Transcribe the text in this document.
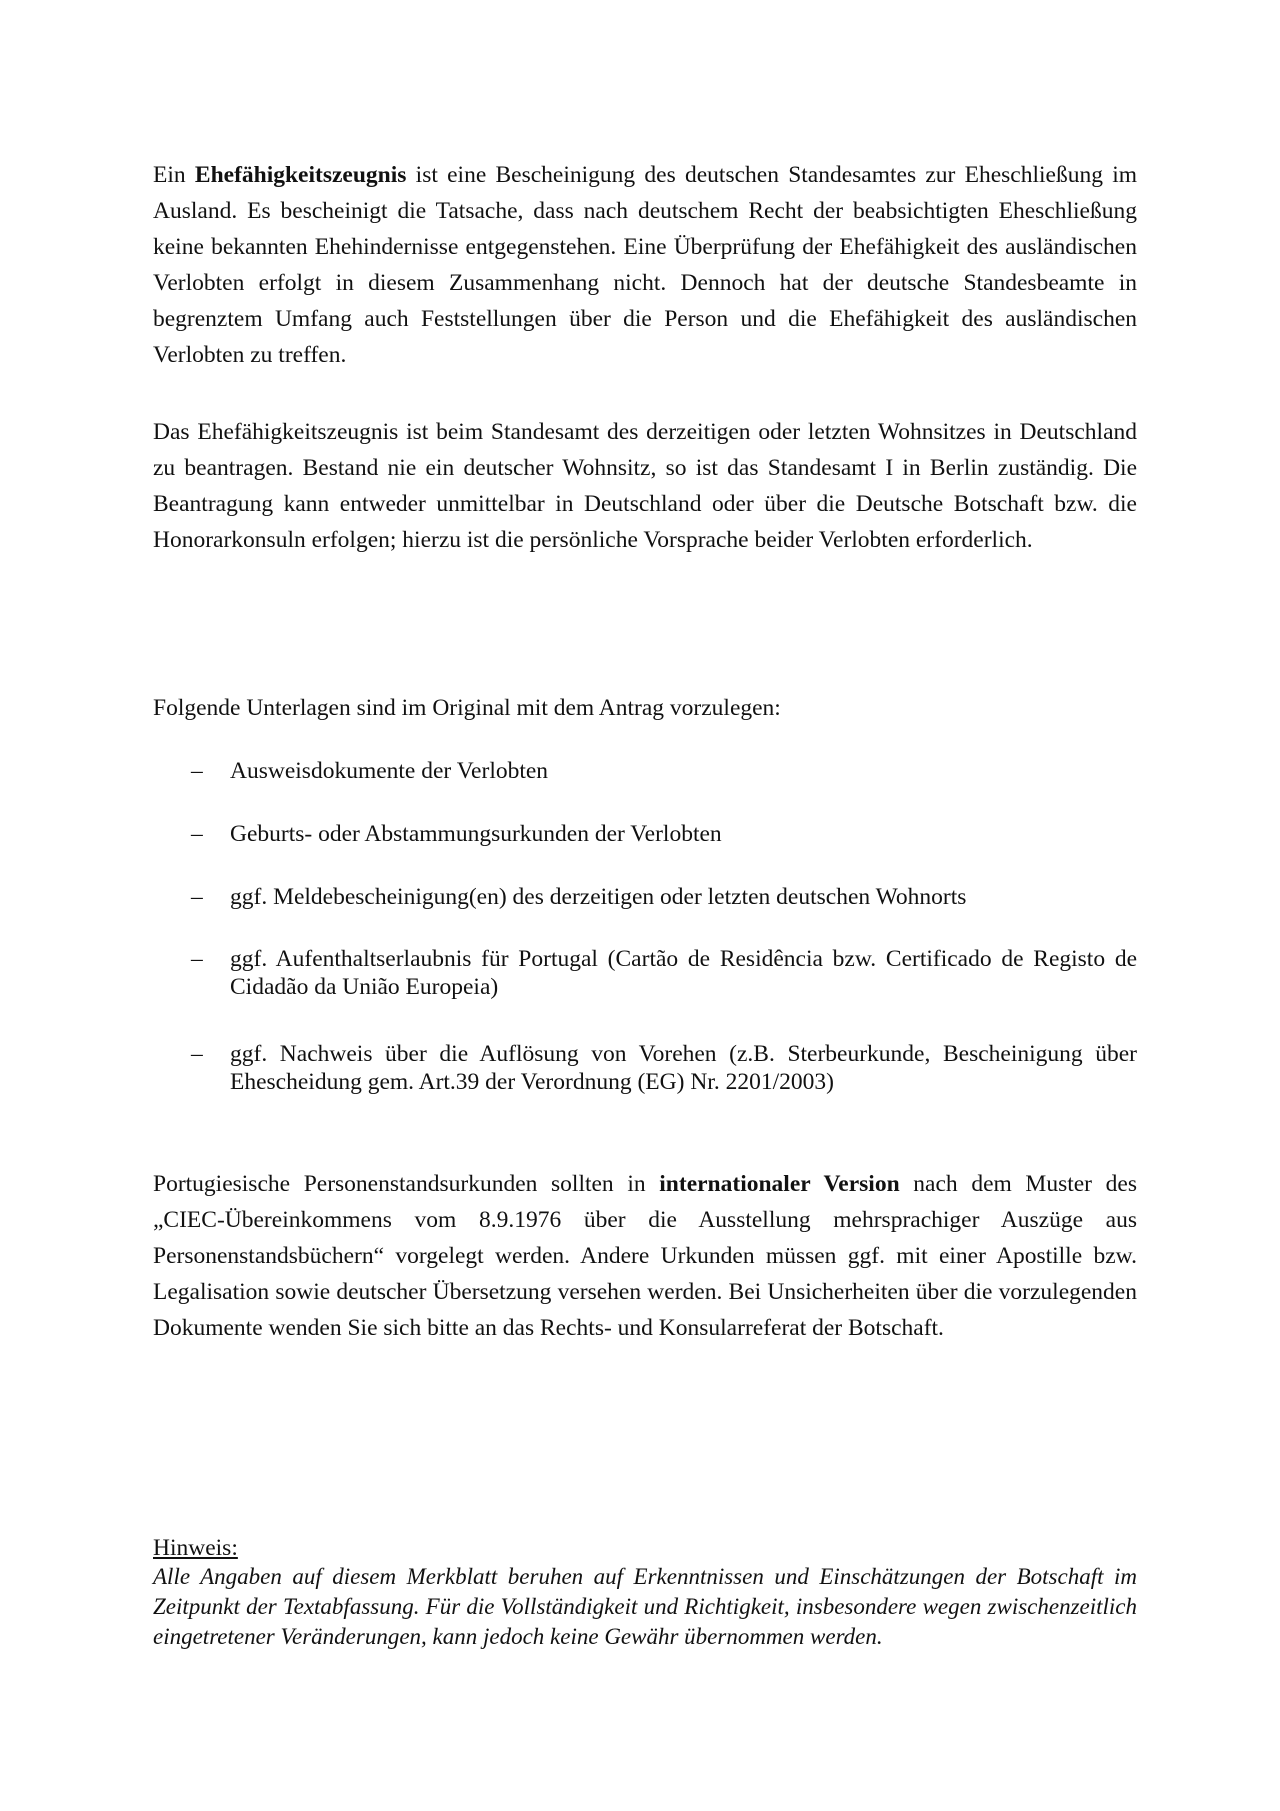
Ein Ehefähigkeitszeugnis ist eine Bescheinigung des deutschen Standesamtes zur Eheschließung im Ausland. Es bescheinigt die Tatsache, dass nach deutschem Recht der beabsichtigten Eheschließung keine bekannten Ehehindernisse entgegenstehen. Eine Überprüfung der Ehefähigkeit des ausländischen Verlobten erfolgt in diesem Zusammenhang nicht. Dennoch hat der deutsche Standesbeamte in begrenztem Umfang auch Feststellungen über die Person und die Ehefähigkeit des ausländischen Verlobten zu treffen.

Das Ehefähigkeitszeugnis ist beim Standesamt des derzeitigen oder letzten Wohnsitzes in Deutschland zu beantragen. Bestand nie ein deutscher Wohnsitz, so ist das Standesamt I in Berlin zuständig. Die Beantragung kann entweder unmittelbar in Deutschland oder über die Deutsche Botschaft bzw. die Honorarkonsuln erfolgen; hierzu ist die persönliche Vorsprache beider Verlobten erforderlich.

Folgende Unterlagen sind im Original mit dem Antrag vorzulegen:

– Ausweisdokumente der Verlobten
– Geburts- oder Abstammungsurkunden der Verlobten
– ggf. Meldebescheinigung(en) des derzeitigen oder letzten deutschen Wohnorts
– ggf. Aufenthaltserlaubnis für Portugal (Cartão de Residência bzw. Certificado de Registo de Cidadão da União Europeia)
– ggf. Nachweis über die Auflösung von Vorehen (z.B. Sterbeurkunde, Bescheinigung über Ehescheidung gem. Art.39 der Verordnung (EG) Nr. 2201/2003)

Portugiesische Personenstandsurkunden sollten in internationaler Version nach dem Muster des „CIEC-Übereinkommens vom 8.9.1976 über die Ausstellung mehrsprachiger Auszüge aus Personenstandsbüchern“ vorgelegt werden. Andere Urkunden müssen ggf. mit einer Apostille bzw. Legalisation sowie deutscher Übersetzung versehen werden. Bei Unsicherheiten über die vorzulegenden Dokumente wenden Sie sich bitte an das Rechts- und Konsularreferat der Botschaft.

Hinweis:

Alle Angaben auf diesem Merkblatt beruhen auf Erkenntnissen und Einschätzungen der Botschaft im Zeitpunkt der Textabfassung. Für die Vollständigkeit und Richtigkeit, insbesondere wegen zwischenzeitlich eingetretener Veränderungen, kann jedoch keine Gewähr übernommen werden.
